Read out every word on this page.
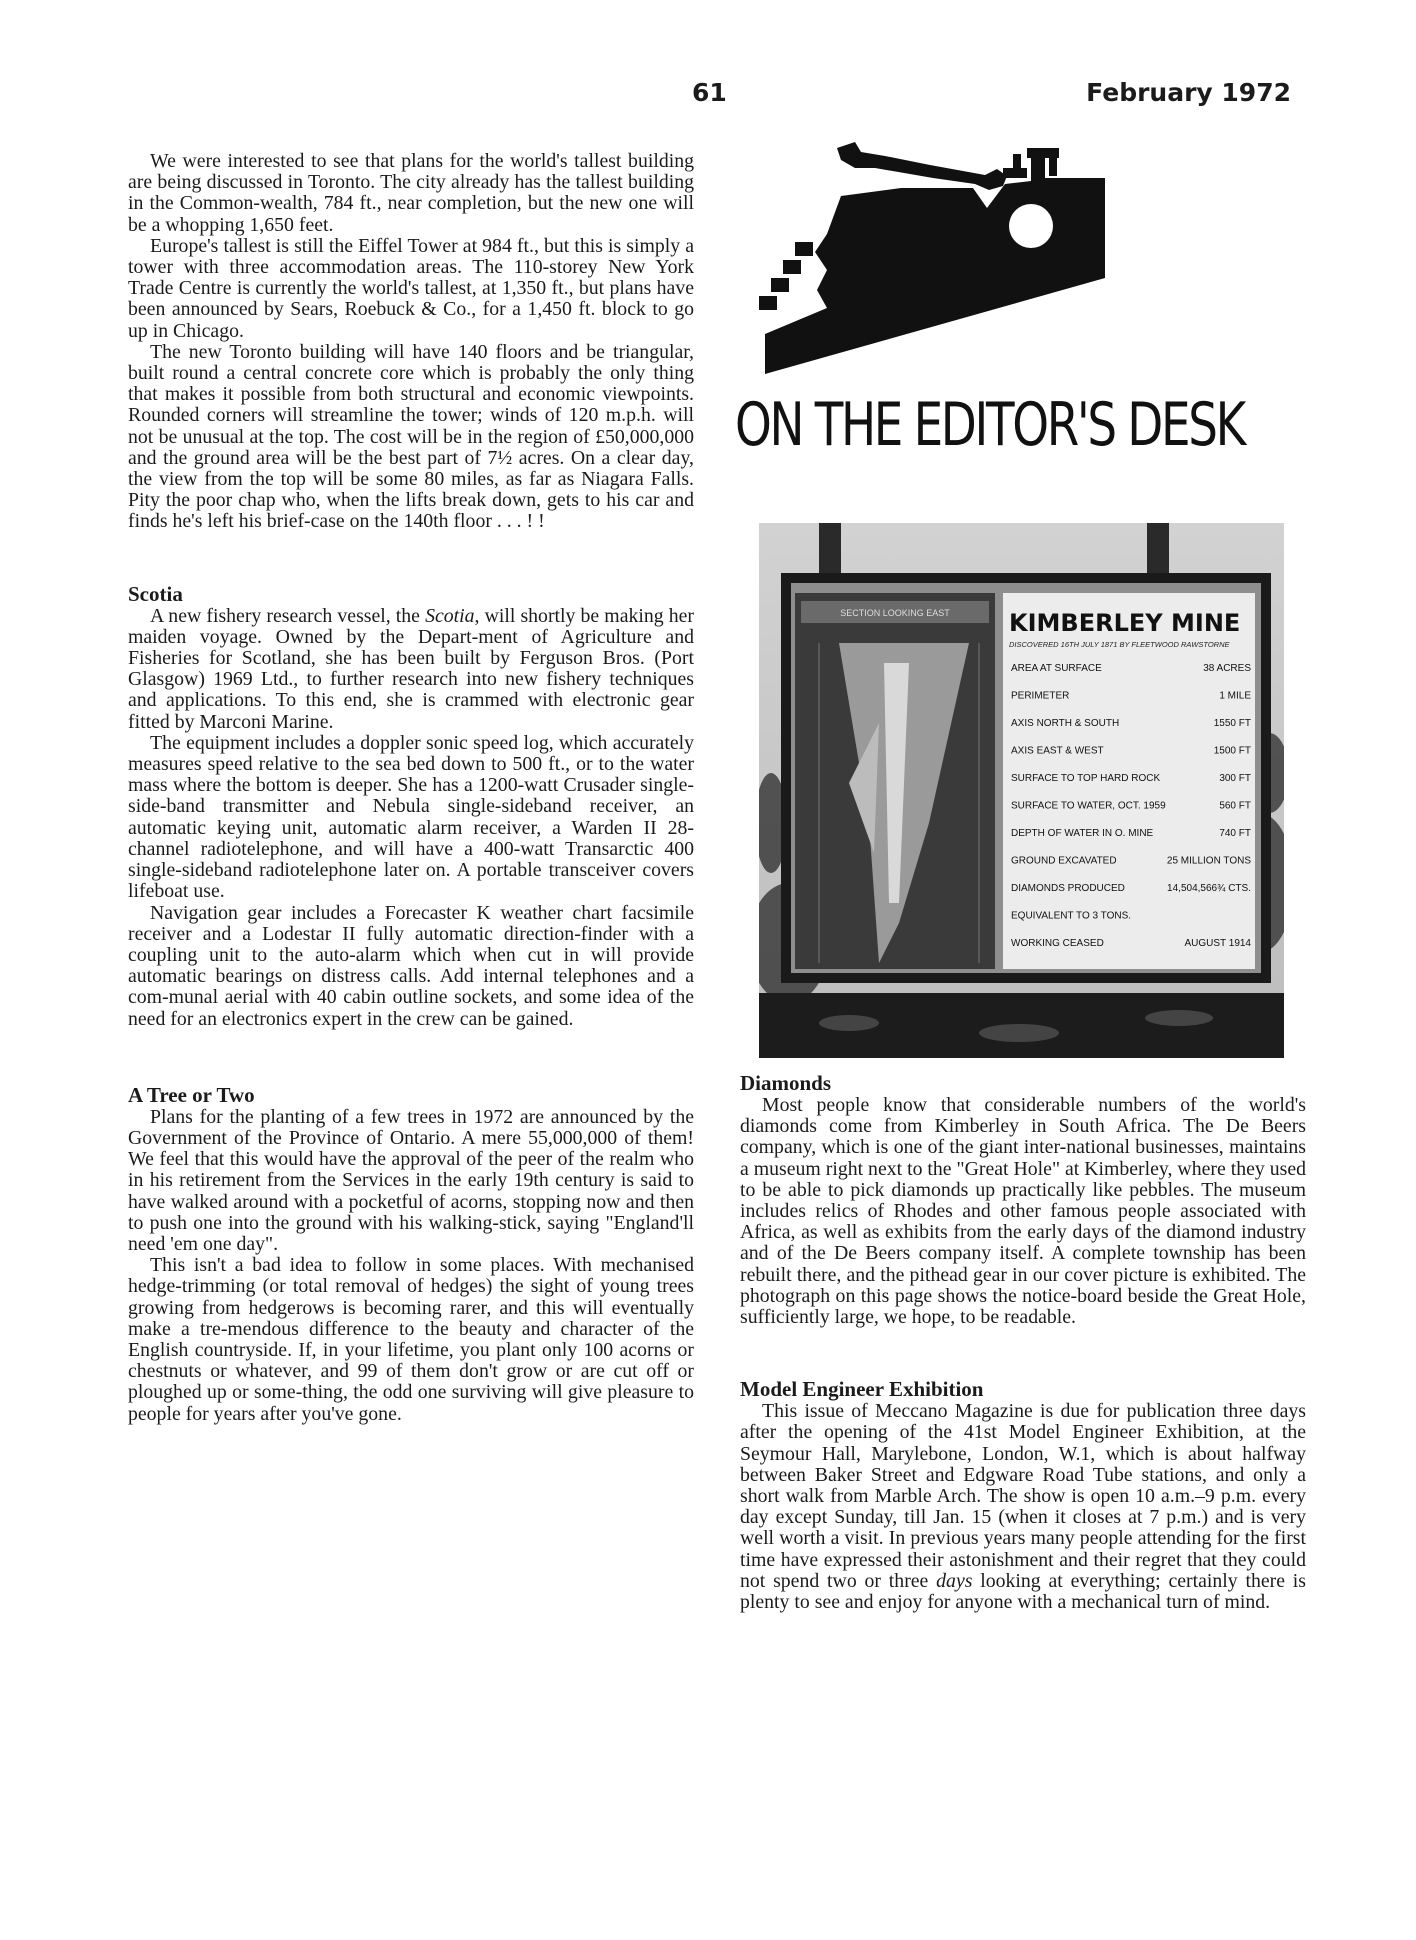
61	February 1972

We were interested to see that plans for the world's tallest building are being discussed in Toronto. The city already has the tallest building in the Common-wealth, 784 ft., near completion, but the new one will be a whopping 1,650 feet.

Europe's tallest is still the Eiffel Tower at 984 ft., but this is simply a tower with three accommodation areas. The 110-storey New York Trade Centre is currently the world's tallest, at 1,350 ft., but plans have been announced by Sears, Roebuck & Co., for a 1,450 ft. block to go up in Chicago.

The new Toronto building will have 140 floors and be triangular, built round a central concrete core which is probably the only thing that makes it possible from both structural and economic viewpoints. Rounded corners will streamline the tower; winds of 120 m.p.h. will not be unusual at the top. The cost will be in the region of £50,000,000 and the ground area will be the best part of 7½ acres. On a clear day, the view from the top will be some 80 miles, as far as Niagara Falls. Pity the poor chap who, when the lifts break down, gets to his car and finds he's left his brief-case on the 140th floor . . . ! !

Scotia

A new fishery research vessel, the Scotia, will shortly be making her maiden voyage. Owned by the Depart-ment of Agriculture and Fisheries for Scotland, she has been built by Ferguson Bros. (Port Glasgow) 1969 Ltd., to further research into new fishery techniques and applications. To this end, she is crammed with electronic gear fitted by Marconi Marine.

The equipment includes a doppler sonic speed log, which accurately measures speed relative to the sea bed down to 500 ft., or to the water mass where the bottom is deeper. She has a 1200-watt Crusader single-side-band transmitter and Nebula single-sideband receiver, an automatic keying unit, automatic alarm receiver, a Warden II 28-channel radiotelephone, and will have a 400-watt Transarctic 400 single-sideband radiotelephone later on. A portable transceiver covers lifeboat use.

Navigation gear includes a Forecaster K weather chart facsimile receiver and a Lodestar II fully automatic direction-finder with a coupling unit to the auto-alarm which when cut in will provide automatic bearings on distress calls. Add internal telephones and a com-munal aerial with 40 cabin outline sockets, and some idea of the need for an electronics expert in the crew can be gained.

A Tree or Two

Plans for the planting of a few trees in 1972 are announced by the Government of the Province of Ontario. A mere 55,000,000 of them! We feel that this would have the approval of the peer of the realm who in his retirement from the Services in the early 19th century is said to have walked around with a pocketful of acorns, stopping now and then to push one into the ground with his walking-stick, saying "England'll need 'em one day".

This isn't a bad idea to follow in some places. With mechanised hedge-trimming (or total removal of hedges) the sight of young trees growing from hedgerows is becoming rarer, and this will eventually make a tre-mendous difference to the beauty and character of the English countryside. If, in your lifetime, you plant only 100 acorns or chestnuts or whatever, and 99 of them don't grow or are cut off or ploughed up or some-thing, the odd one surviving will give pleasure to people for years after you've gone.

ON THE EDITOR'S DESK
SECTION LOOKING EAST KIMBERLEY MINE
DISCOVERED 16TH JULY 1871 BY FLEETWOOD RAWSTORNE
AREA AT SURFACE	38 ACRES
PERIMETER	1 MILE
AXIS NORTH & SOUTH	1550 FT
AXIS EAST & WEST	1500 FT
SURFACE TO TOP HARD ROCK	300 FT
SURFACE TO WATER, OCT. 1959	560 FT
DEPTH OF WATER IN O. MINE	740 FT
GROUND EXCAVATED	25 MILLION TONS
DIAMONDS PRODUCED	14,504,566¾ CTS.
EQUIVALENT TO 3 TONS.
WORKING CEASED	AUGUST 1914
Diamonds

Most people know that considerable numbers of the world's diamonds come from Kimberley in South Africa. The De Beers company, which is one of the giant inter-national businesses, maintains a museum right next to the "Great Hole" at Kimberley, where they used to be able to pick diamonds up practically like pebbles. The museum includes relics of Rhodes and other famous people associated with Africa, as well as exhibits from the early days of the diamond industry and of the De Beers company itself. A complete township has been rebuilt there, and the pithead gear in our cover picture is exhibited. The photograph on this page shows the notice-board beside the Great Hole, sufficiently large, we hope, to be readable.

Model Engineer Exhibition

This issue of Meccano Magazine is due for publication three days after the opening of the 41st Model Engineer Exhibition, at the Seymour Hall, Marylebone, London, W.1, which is about halfway between Baker Street and Edgware Road Tube stations, and only a short walk from Marble Arch. The show is open 10 a.m.–9 p.m. every day except Sunday, till Jan. 15 (when it closes at 7 p.m.) and is very well worth a visit. In previous years many people attending for the first time have expressed their astonishment and their regret that they could not spend two or three days looking at everything; certainly there is plenty to see and enjoy for anyone with a mechanical turn of mind.
